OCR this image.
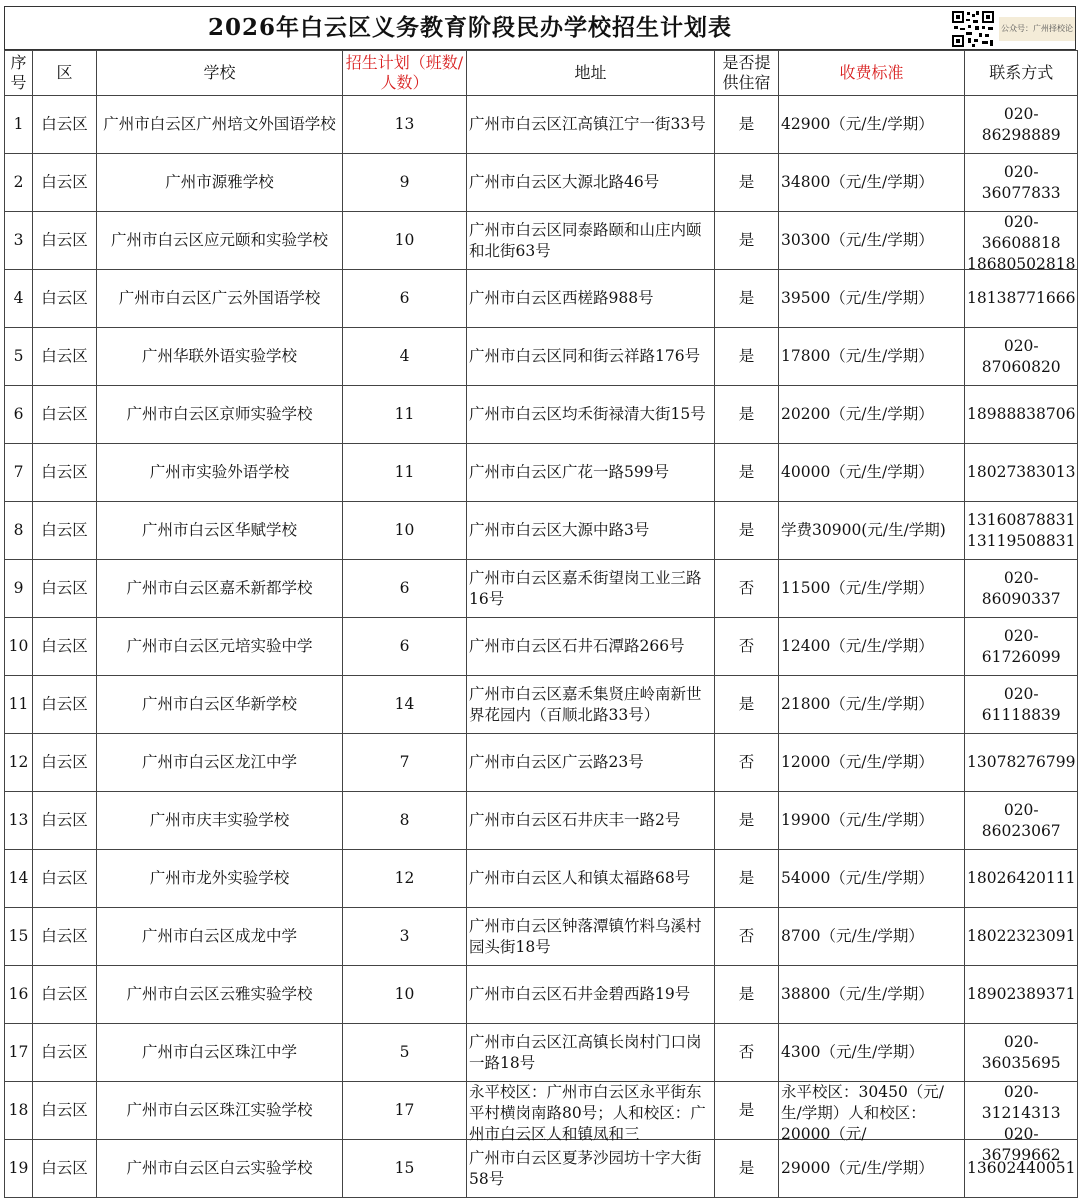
2026年白云区义务教育阶段民办学校招生计划表	公众号：广州择校论
序号	区	学校	招生计划（班数/人数）	地址	是否提供住宿	收费标准	联系方式

1	白云区	广州市白云区广州培文外国语学校	13	广州市白云区江高镇江宁一街33号	是	42900（元/生/学期）	020-86298889

2	白云区	广州市源雅学校	9	广州市白云区大源北路46号	是	34800（元/生/学期）	020-36077833

3	白云区	广州市白云区应元颐和实验学校	10	广州市白云区同泰路颐和山庄内颐和北街63号	是	30300（元/生/学期）	020-36608818 18680502818

4	白云区	广州市白云区广云外国语学校	6	广州市白云区西槎路988号	是	39500（元/生/学期）	18138771666

5	白云区	广州华联外语实验学校	4	广州市白云区同和街云祥路176号	是	17800（元/生/学期）	020-87060820

6	白云区	广州市白云区京师实验学校	11	广州市白云区均禾街禄清大街15号	是	20200（元/生/学期）	18988838706

7	白云区	广州市实验外语学校	11	广州市白云区广花一路599号	是	40000（元/生/学期）	18027383013

8	白云区	广州市白云区华赋学校	10	广州市白云区大源中路3号	是	学费30900(元/生/学期)	13160878831 13119508831

9	白云区	广州市白云区嘉禾新都学校	6	广州市白云区嘉禾街望岗工业三路16号	否	11500（元/生/学期）	020-86090337

10	白云区	广州市白云区元培实验中学	6	广州市白云区石井石潭路266号	否	12400（元/生/学期）	020-61726099

11	白云区	广州市白云区华新学校	14	广州市白云区嘉禾集贤庄岭南新世界花园内（百顺北路33号）	是	21800（元/生/学期）	020-61118839

12	白云区	广州市白云区龙江中学	7	广州市白云区广云路23号	否	12000（元/生/学期）	13078276799

13	白云区	广州市庆丰实验学校	8	广州市白云区石井庆丰一路2号	是	19900（元/生/学期）	020-86023067

14	白云区	广州市龙外实验学校	12	广州市白云区人和镇太福路68号	是	54000（元/生/学期）	18026420111

15	白云区	广州市白云区成龙中学	3	广州市白云区钟落潭镇竹料乌溪村园头街18号	否	8700（元/生/学期）	18022323091

16	白云区	广州市白云区云雅实验学校	10	广州市白云区石井金碧西路19号	是	38800（元/生/学期）	18902389371

17	白云区	广州市白云区珠江中学	5	广州市白云区江高镇长岗村门口岗一路18号	否	4300（元/生/学期）	020-36035695

18	白云区	广州市白云区珠江实验学校	17	永平校区：广州市白云区永平街东平村横岗南路80号；人和校区：广州市白云区人和镇凤和三	是	永平校区：30450（元/生/学期）人和校区：20000（元/	020-31214313 020-36799662

19	白云区	广州市白云区白云实验学校	15	广州市白云区夏茅沙园坊十字大街58号	是	29000（元/生/学期）	13602440051
